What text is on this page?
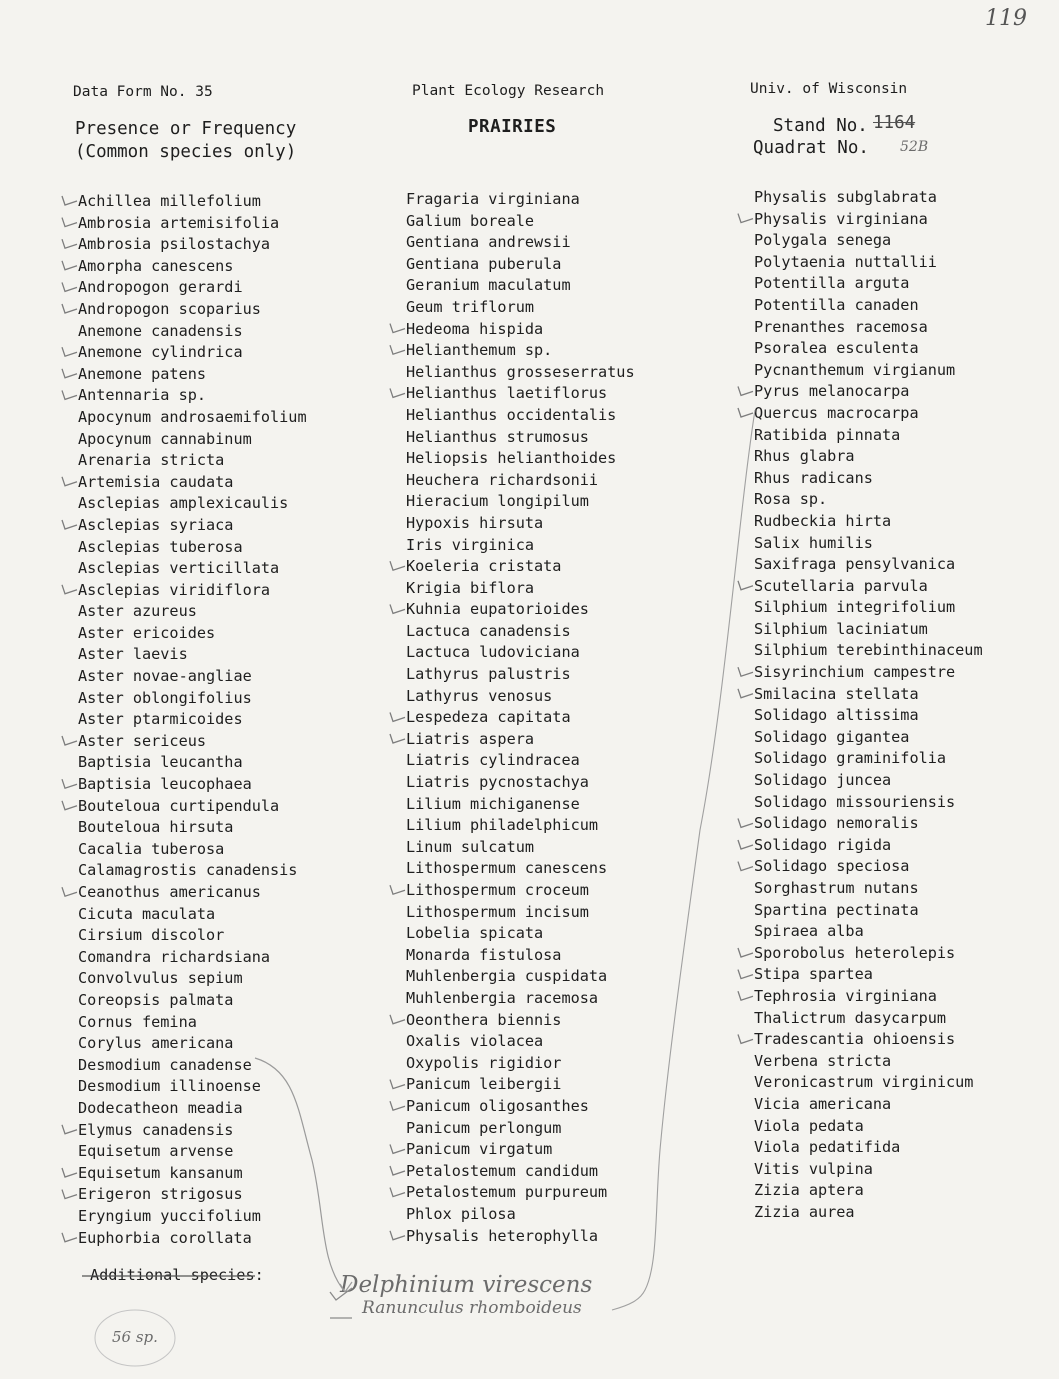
119
Data Form No. 35	Plant Ecology Research	Univ. of Wisconsin
Presence or Frequency
(Common species only)
PRAIRIES	Stand No. 1164
Quadrat No. 52B
Achillea millefolium
Ambrosia artemisifolia
Ambrosia psilostachya
Amorpha canescens
Andropogon gerardi
Andropogon scoparius
Anemone canadensis
Anemone cylindrica
Anemone patens
Antennaria sp.
Apocynum androsaemifolium
Apocynum cannabinum
Arenaria stricta
Artemisia caudata
Asclepias amplexicaulis
Asclepias syriaca
Asclepias tuberosa
Asclepias verticillata
Asclepias viridiflora
Aster azureus
Aster ericoides
Aster laevis
Aster novae-angliae
Aster oblongifolius
Aster ptarmicoides
Aster sericeus
Baptisia leucantha
Baptisia leucophaea
Bouteloua curtipendula
Bouteloua hirsuta
Cacalia tuberosa
Calamagrostis canadensis
Ceanothus americanus
Cicuta maculata
Cirsium discolor
Comandra richardsiana
Convolvulus sepium
Coreopsis palmata
Cornus femina
Corylus americana
Desmodium canadense
Desmodium illinoense
Dodecatheon meadia
Elymus canadensis
Equisetum arvense
Equisetum kansanum
Erigeron strigosus
Eryngium yuccifolium
Euphorbia corollata
Fragaria virginiana
Galium boreale
Gentiana andrewsii
Gentiana puberula
Geranium maculatum
Geum triflorum
Hedeoma hispida
Helianthemum sp.
Helianthus grosseserratus
Helianthus laetiflorus
Helianthus occidentalis
Helianthus strumosus
Heliopsis helianthoides
Heuchera richardsonii
Hieracium longipilum
Hypoxis hirsuta
Iris virginica
Koeleria cristata
Krigia biflora
Kuhnia eupatorioides
Lactuca canadensis
Lactuca ludoviciana
Lathyrus palustris
Lathyrus venosus
Lespedeza capitata
Liatris aspera
Liatris cylindracea
Liatris pycnostachya
Lilium michiganense
Lilium philadelphicum
Linum sulcatum
Lithospermum canescens
Lithospermum croceum
Lithospermum incisum
Lobelia spicata
Monarda fistulosa
Muhlenbergia cuspidata
Muhlenbergia racemosa
Oeonthera biennis
Oxalis violacea
Oxypolis rigidior
Panicum leibergii
Panicum oligosanthes
Panicum perlongum
Panicum virgatum
Petalostemum candidum
Petalostemum purpureum
Phlox pilosa
Physalis heterophylla
Physalis subglabrata
Physalis virginiana
Polygala senega
Polytaenia nuttallii
Potentilla arguta
Potentilla canaden
Prenanthes racemosa
Psoralea esculenta
Pycnanthemum virgianum
Pyrus melanocarpa
Quercus macrocarpa
Ratibida pinnata
Rhus glabra
Rhus radicans
Rosa sp.
Rudbeckia hirta
Salix humilis
Saxifraga pensylvanica
Scutellaria parvula
Silphium integrifolium
Silphium laciniatum
Silphium terebinthinaceum
Sisyrinchium campestre
Smilacina stellata
Solidago altissima
Solidago gigantea
Solidago graminifolia
Solidago juncea
Solidago missouriensis
Solidago nemoralis
Solidago rigida
Solidago speciosa
Sorghastrum nutans
Spartina pectinata
Spiraea alba
Sporobolus heterolepis
Stipa spartea
Tephrosia virginiana
Thalictrum dasycarpum
Tradescantia ohioensis
Verbena stricta
Veronicastrum virginicum
Vicia americana
Viola pedata
Viola pedatifida
Vitis vulpina
Zizia aptera
Zizia aurea
Additional species:	Delphinium virescens
Ranunculus rhomboideus
56 sp.
